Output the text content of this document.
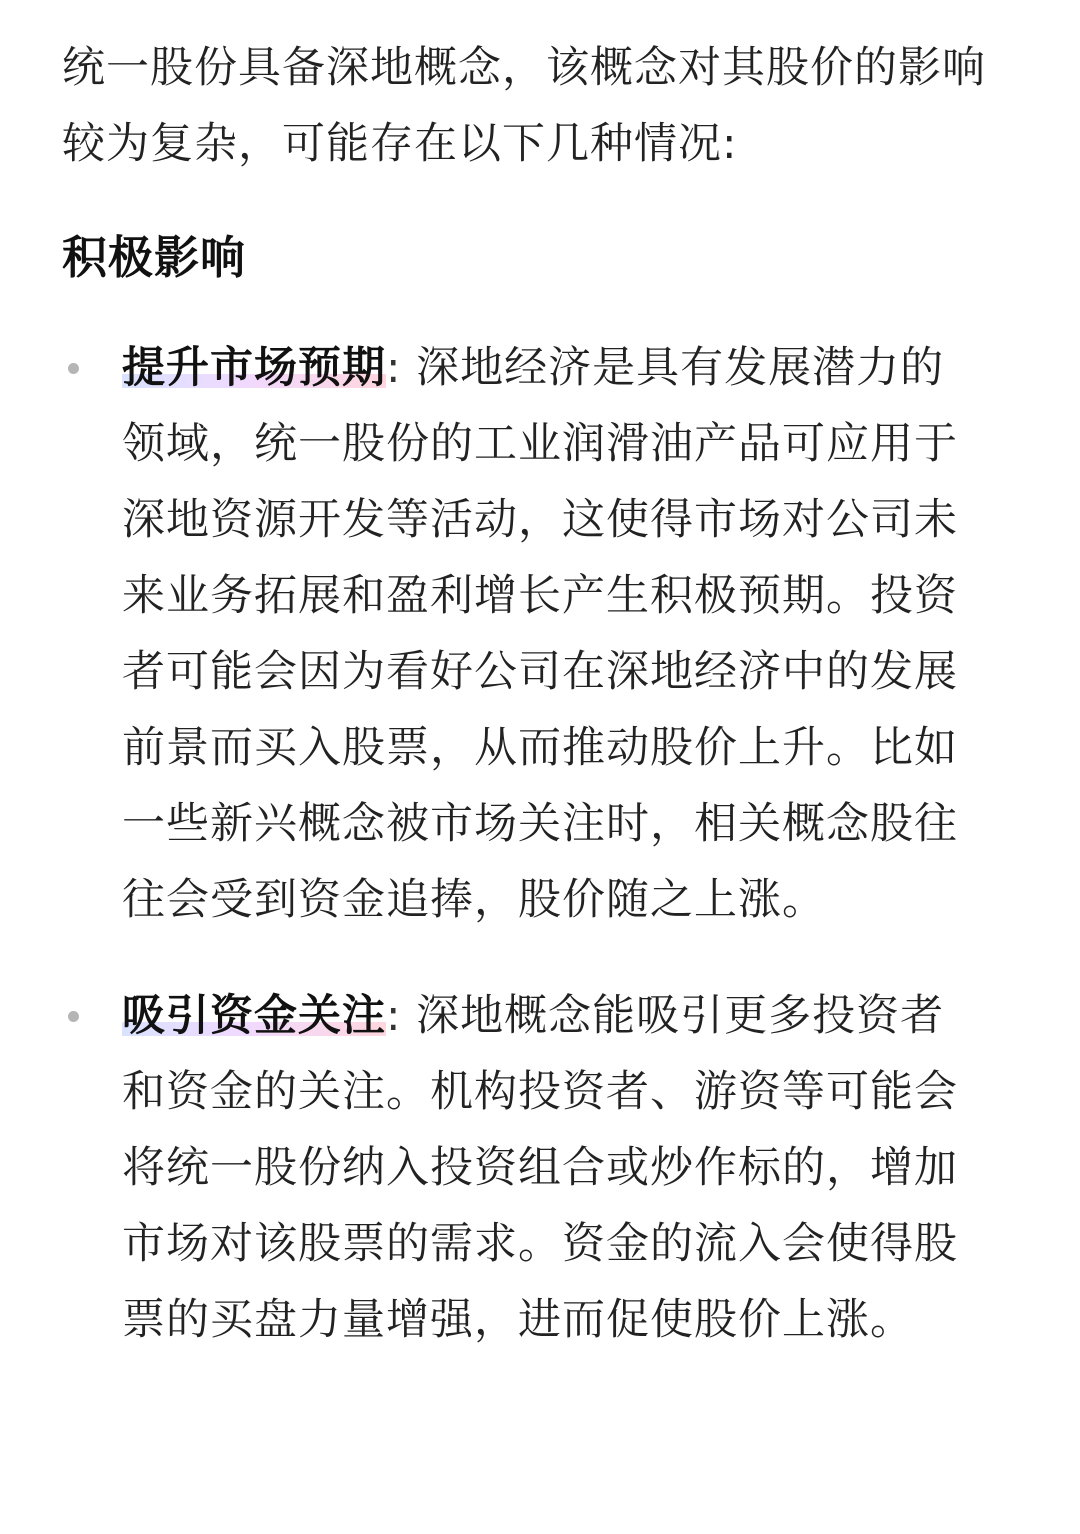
统一股份具备深地概念，该概念对其股价的影响较为复杂，可能存在以下几种情况:

积极影响
提升市场预期: 深地经济是具有发展潜力的领域，统一股份的工业润滑油产品可应用于深地资源开发等活动，这使得市场对公司未来业务拓展和盈利增长产生积极预期。投资者可能会因为看好公司在深地经济中的发展前景而买入股票，从而推动股价上升。比如一些新兴概念被市场关注时，相关概念股往往会受到资金追捧，股价随之上涨。
吸引资金关注: 深地概念能吸引更多投资者和资金的关注。机构投资者、游资等可能会将统一股份纳入投资组合或炒作标的，增加市场对该股票的需求。资金的流入会使得股票的买盘力量增强，进而促使股价上涨。
